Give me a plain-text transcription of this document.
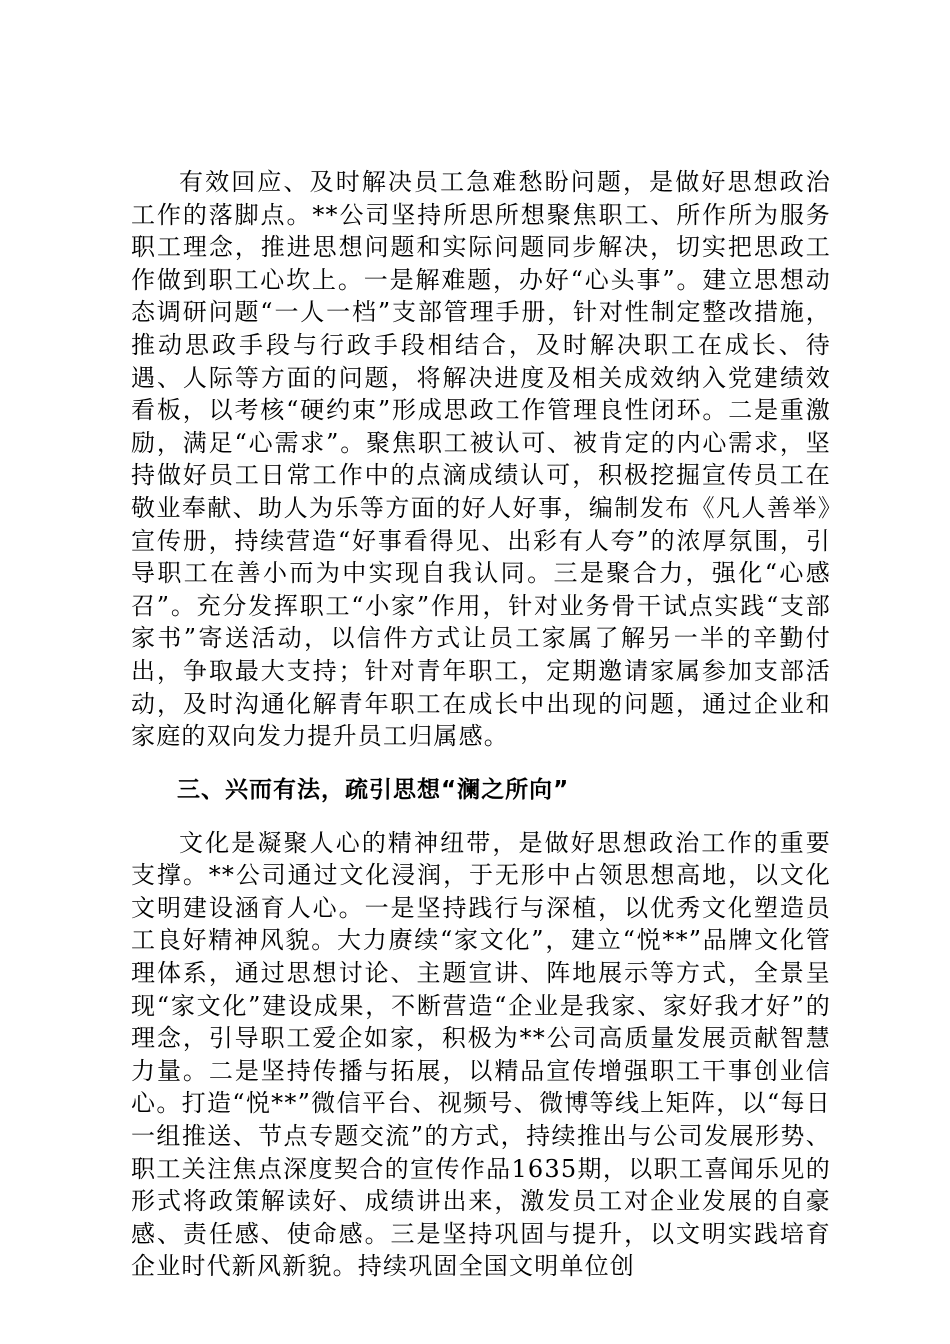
有效回应、及时解决员工急难愁盼问题，是做好思想政治工作的落脚点。**公司坚持所思所想聚焦职工、所作所为服务职工理念，推进思想问题和实际问题同步解决，切实把思政工作做到职工心坎上。一是解难题，办好“心头事”。建立思想动态调研问题“一人一档”支部管理手册，针对性制定整改措施，推动思政手段与行政手段相结合，及时解决职工在成长、待遇、人际等方面的问题，将解决进度及相关成效纳入党建绩效看板，以考核“硬约束”形成思政工作管理良性闭环。二是重激励，满足“心需求”。聚焦职工被认可、被肯定的内心需求，坚持做好员工日常工作中的点滴成绩认可，积极挖掘宣传员工在敬业奉献、助人为乐等方面的好人好事，编制发布《凡人善举》宣传册，持续营造“好事看得见、出彩有人夸”的浓厚氛围，引导职工在善小而为中实现自我认同。三是聚合力，强化“心感召”。充分发挥职工“小家”作用，针对业务骨干试点实践“支部家书”寄送活动，以信件方式让员工家属了解另一半的辛勤付出，争取最大支持；针对青年职工，定期邀请家属参加支部活动，及时沟通化解青年职工在成长中出现的问题，通过企业和家庭的双向发力提升员工归属感。

三、兴而有法，疏引思想“澜之所向”

文化是凝聚人心的精神纽带，是做好思想政治工作的重要支撑。**公司通过文化浸润，于无形中占领思想高地，以文化文明建设涵育人心。一是坚持践行与深植，以优秀文化塑造员工良好精神风貌。大力赓续“家文化”，建立“悦**”品牌文化管理体系，通过思想讨论、主题宣讲、阵地展示等方式，全景呈现“家文化”建设成果，不断营造“企业是我家、家好我才好”的理念，引导职工爱企如家，积极为**公司高质量发展贡献智慧力量。二是坚持传播与拓展，以精品宣传增强职工干事创业信心。打造“悦**”微信平台、视频号、微博等线上矩阵，以“每日一组推送、节点专题交流”的方式，持续推出与公司发展形势、职工关注焦点深度契合的宣传作品1635期，以职工喜闻乐见的形式将政策解读好、成绩讲出来，激发员工对企业发展的自豪感、责任感、使命感。三是坚持巩固与提升，以文明实践培育企业时代新风新貌。持续巩固全国文明单位创
